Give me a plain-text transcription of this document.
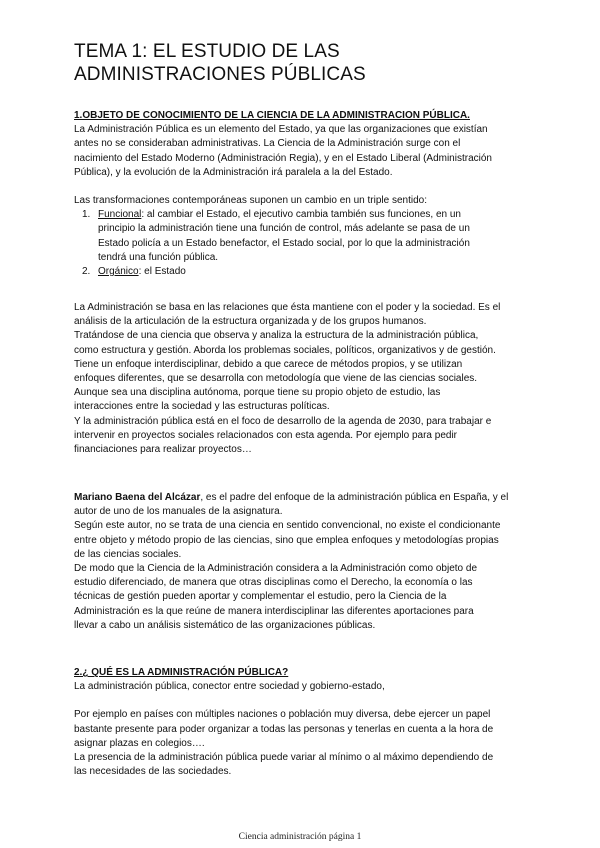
TEMA 1: EL ESTUDIO DE LAS
ADMINISTRACIONES PÚBLICAS

1.OBJETO DE CONOCIMIENTO DE LA CIENCIA DE LA ADMINISTRACION PÚBLICA.

La Administración Pública es un elemento del Estado, ya que las organizaciones que existían

antes no se consideraban administrativas. La Ciencia de la Administración surge con el

nacimiento del Estado Moderno (Administración Regia), y en el Estado Liberal (Administración

Pública), y la evolución de la Administración irá paralela a la del Estado.

Las transformaciones contemporáneas suponen un cambio en un triple sentido:

1. Funcional: al cambiar el Estado, el ejecutivo cambia también sus funciones, en un

principio la administración tiene una función de control, más adelante se pasa de un

Estado policía a un Estado benefactor, el Estado social, por lo que la administración

tendrá una función pública.

2. Orgánico: el Estado

La Administración se basa en las relaciones que ésta mantiene con el poder y la sociedad. Es el

análisis de la articulación de la estructura organizada y de los grupos humanos.

Tratándose de una ciencia que observa y analiza la estructura de la administración pública,

como estructura y gestión. Aborda los problemas sociales, políticos, organizativos y de gestión.

Tiene un enfoque interdisciplinar, debido a que carece de métodos propios, y se utilizan

enfoques diferentes, que se desarrolla con metodología que viene de las ciencias sociales.

Aunque sea una disciplina autónoma, porque tiene su propio objeto de estudio, las

interacciones entre la sociedad y las estructuras políticas.

Y la administración pública está en el foco de desarrollo de la agenda de 2030, para trabajar e

intervenir en proyectos sociales relacionados con esta agenda. Por ejemplo para pedir

financiaciones para realizar proyectos…

Mariano Baena del Alcázar, es el padre del enfoque de la administración pública en España, y el

autor de uno de los manuales de la asignatura.

Según este autor, no se trata de una ciencia en sentido convencional, no existe el condicionante

entre objeto y método propio de las ciencias, sino que emplea enfoques y metodologías propias

de las ciencias sociales.

De modo que la Ciencia de la Administración considera a la Administración como objeto de

estudio diferenciado, de manera que otras disciplinas como el Derecho, la economía o las

técnicas de gestión pueden aportar y complementar el estudio, pero la Ciencia de la

Administración es la que reúne de manera interdisciplinar las diferentes aportaciones para

llevar a cabo un análisis sistemático de las organizaciones públicas.

2.¿ QUÉ ES LA ADMINISTRACIÓN PÚBLICA?

La administración pública, conector entre sociedad y gobierno-estado,

Por ejemplo en países con múltiples naciones o población muy diversa, debe ejercer un papel

bastante presente para poder organizar a todas las personas y tenerlas en cuenta a la hora de

asignar plazas en colegios….

La presencia de la administración pública puede variar al mínimo o al máximo dependiendo de

las necesidades de las sociedades.

Ciencia administración página 1
